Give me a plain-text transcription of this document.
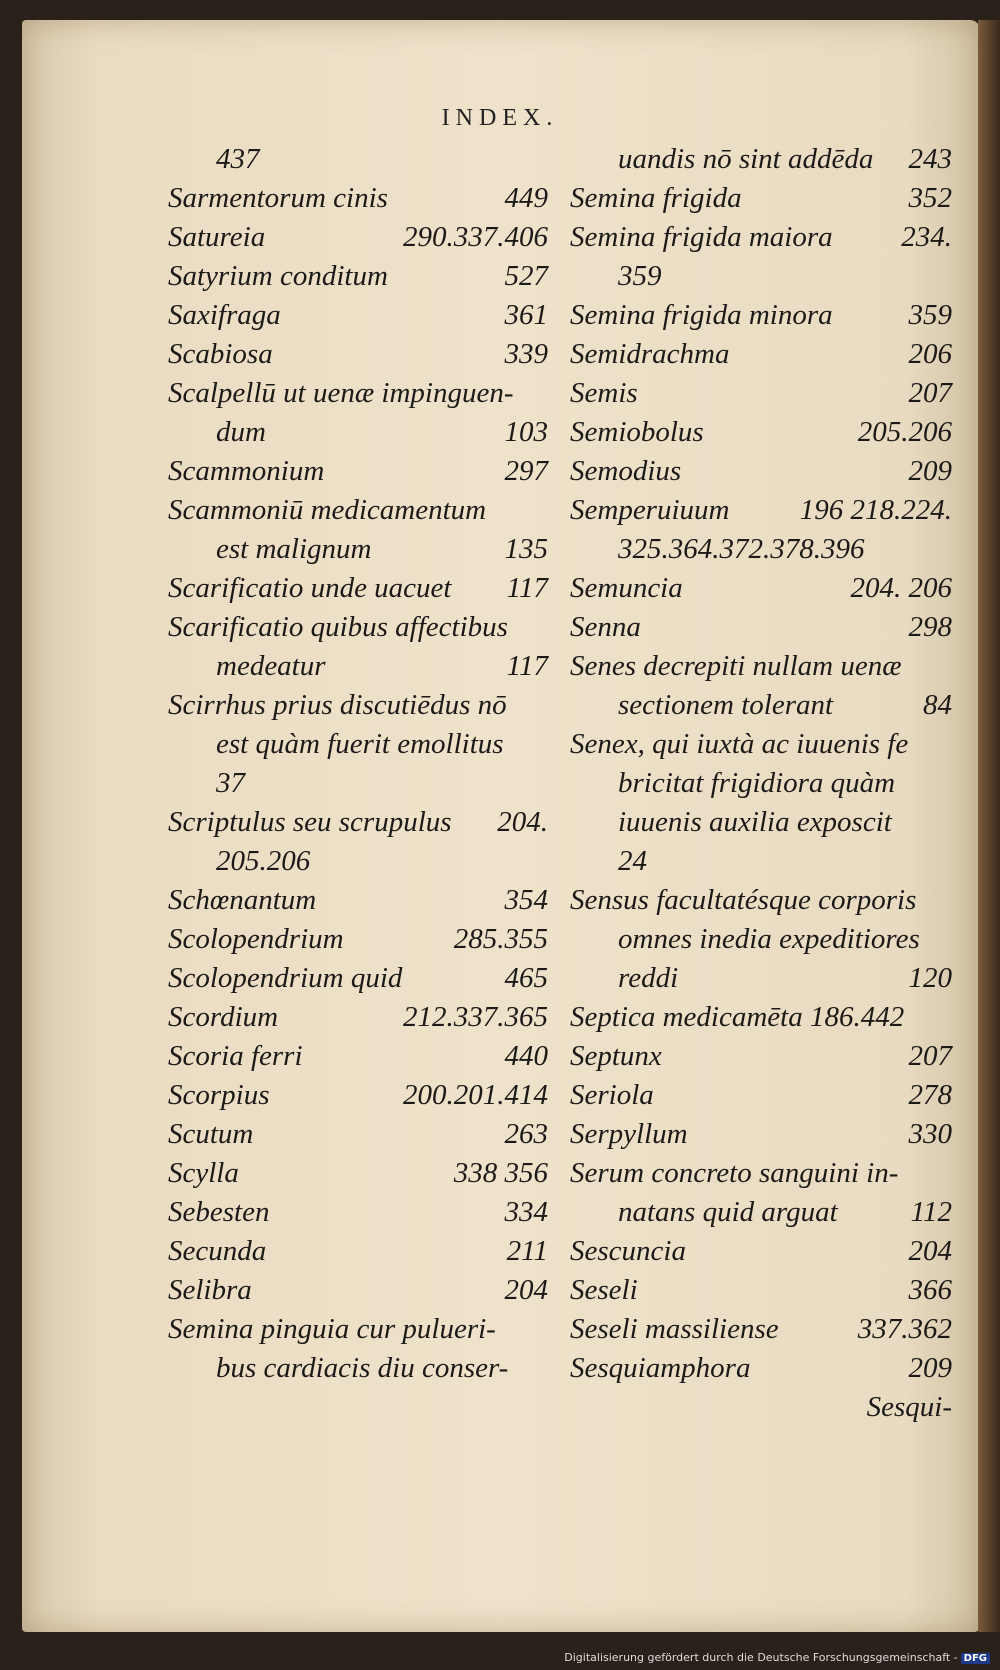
INDEX.
437
Sarmentorum cinis	449
Satureia	290.337.406
Satyrium conditum	527
Saxifraga	361
Scabiosa	339
Scalpellū ut uenæ impinguen-
dum	103
Scammonium	297
Scammoniū medicamentum
est malignum	135
Scarificatio unde uacuet 117
Scarificatio quibus affectibus
medeatur	117
Scirrhus prius discutiēdus nō
est quàm fuerit emollitus
37
Scriptulus seu scrupulus 204.
205.206
Schœnantum	354
Scolopendrium	285.355
Scolopendrium quid	465
Scordium	212.337.365
Scoria ferri	440
Scorpius	200.201.414
Scutum	263
Scylla	338 356
Sebesten	334
Secunda	211
Selibra	204
Semina pinguia cur pulueri-
bus cardiacis diu conser-
uandis nō sint addēda 243
Semina frigida	352
Semina frigida maiora 234.
359
Semina frigida minora	359
Semidrachma	206
Semis	207
Semiobolus	205.206
Semodius	209
Semperuiuum 196 218.224.
325.364.372.378.396
Semuncia	204. 206
Senna	298
Senes decrepiti nullam uenæ
sectionem tolerant	84
Senex, qui iuxtà ac iuuenis fe
bricitat frigidiora quàm
iuuenis auxilia exposcit
24
Sensus facultatésque corporis
omnes inedia expeditiores
reddi	120
Septica medicamēta 186.442
Septunx	207
Seriola	278
Serpyllum	330
Serum concreto sanguini in-
natans quid arguat	112
Sescuncia	204
Seseli	366
Seseli massiliense	337.362
Sesquiamphora	209
Sesqui-
Digitalisierung gefördert durch die Deutsche Forschungsgemeinschaft - DFG
